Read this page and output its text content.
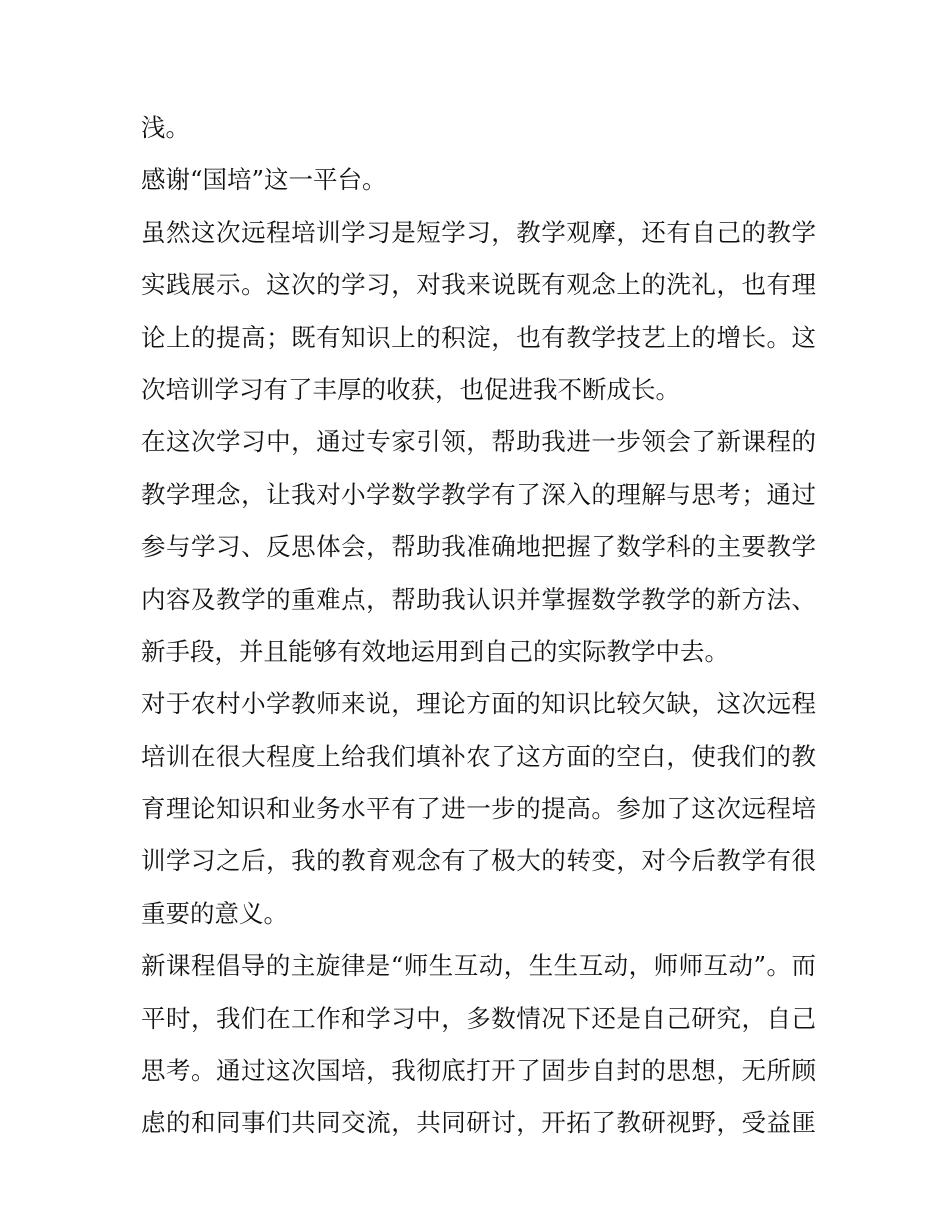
浅。
感谢“国培”这一平台。
虽然这次远程培训学习是短学习，教学观摩，还有自己的教学
实践展示。这次的学习，对我来说既有观念上的洗礼，也有理
论上的提高；既有知识上的积淀，也有教学技艺上的增长。这
次培训学习有了丰厚的收获，也促进我不断成长。
在这次学习中，通过专家引领，帮助我进一步领会了新课程的
教学理念，让我对小学数学教学有了深入的理解与思考；通过
参与学习、反思体会，帮助我准确地把握了数学科的主要教学
内容及教学的重难点，帮助我认识并掌握数学教学的新方法、
新手段，并且能够有效地运用到自己的实际教学中去。
对于农村小学教师来说，理论方面的知识比较欠缺，这次远程
培训在很大程度上给我们填补农了这方面的空白，使我们的教
育理论知识和业务水平有了进一步的提高。参加了这次远程培
训学习之后，我的教育观念有了极大的转变，对今后教学有很
重要的意义。
新课程倡导的主旋律是“师生互动，生生互动，师师互动”。而
平时，我们在工作和学习中，多数情况下还是自己研究，自己
思考。通过这次国培，我彻底打开了固步自封的思想，无所顾
虑的和同事们共同交流，共同研讨，开拓了教研视野，受益匪
